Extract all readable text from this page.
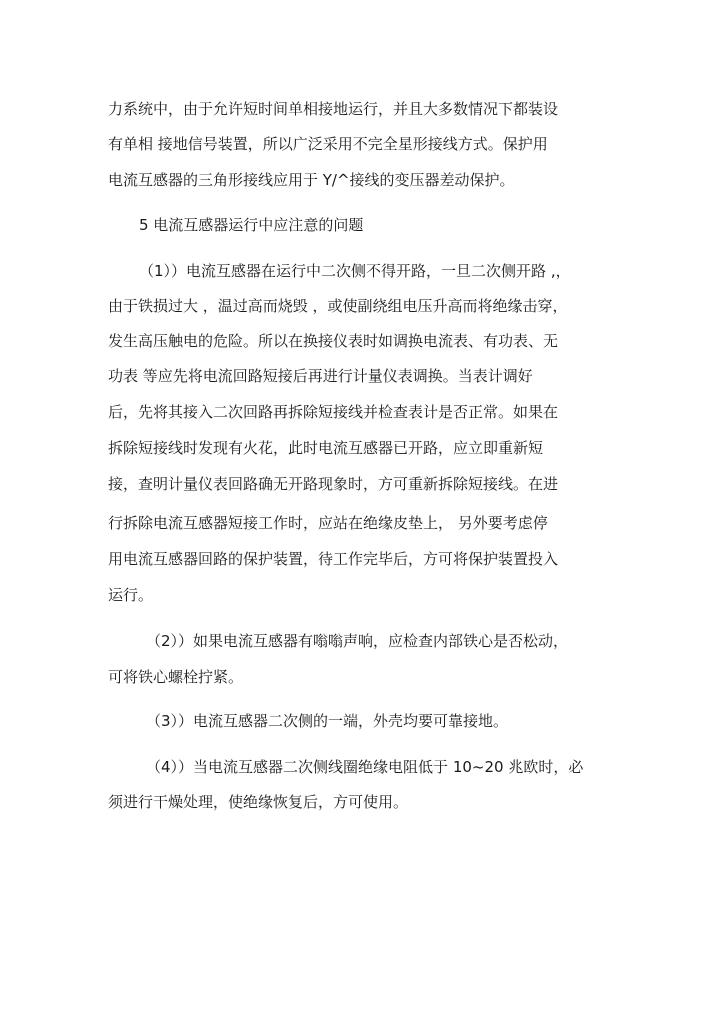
力系统中，由于允许短时间单相接地运行，并且大多数情况下都装设
有单相 接地信号装置，所以广泛采用不完全星形接线方式。保护用
电流互感器的三角形接线应用于 Y/^接线的变压器差动保护。
5 电流互感器运行中应注意的问题
（1））电流互感器在运行中二次侧不得开路，一旦二次侧开路 ,，
由于铁损过大 ，温过高而烧毁 ，或使副绕组电压升高而将绝缘击穿，
发生高压触电的危险。所以在换接仪表时如调换电流表、有功表、无
功表 等应先将电流回路短接后再进行计量仪表调换。当表计调好
后，先将其接入二次回路再拆除短接线并检查表计是否正常。如果在
拆除短接线时发现有火花，此时电流互感器已开路，应立即重新短
接，查明计量仪表回路确无开路现象时，方可重新拆除短接线。在进
行拆除电流互感器短接工作时，应站在绝缘皮垫上， 另外要考虑停
用电流互感器回路的保护装置，待工作完毕后，方可将保护装置投入
运行。
（2））如果电流互感器有嗡嗡声响，应检查内部铁心是否松动，
可将铁心螺栓拧紧。
（3））电流互感器二次侧的一端，外壳均要可靠接地。
（4））当电流互感器二次侧线圈绝缘电阻低于 10~20 兆欧时，必
须进行干燥处理，使绝缘恢复后，方可使用。
